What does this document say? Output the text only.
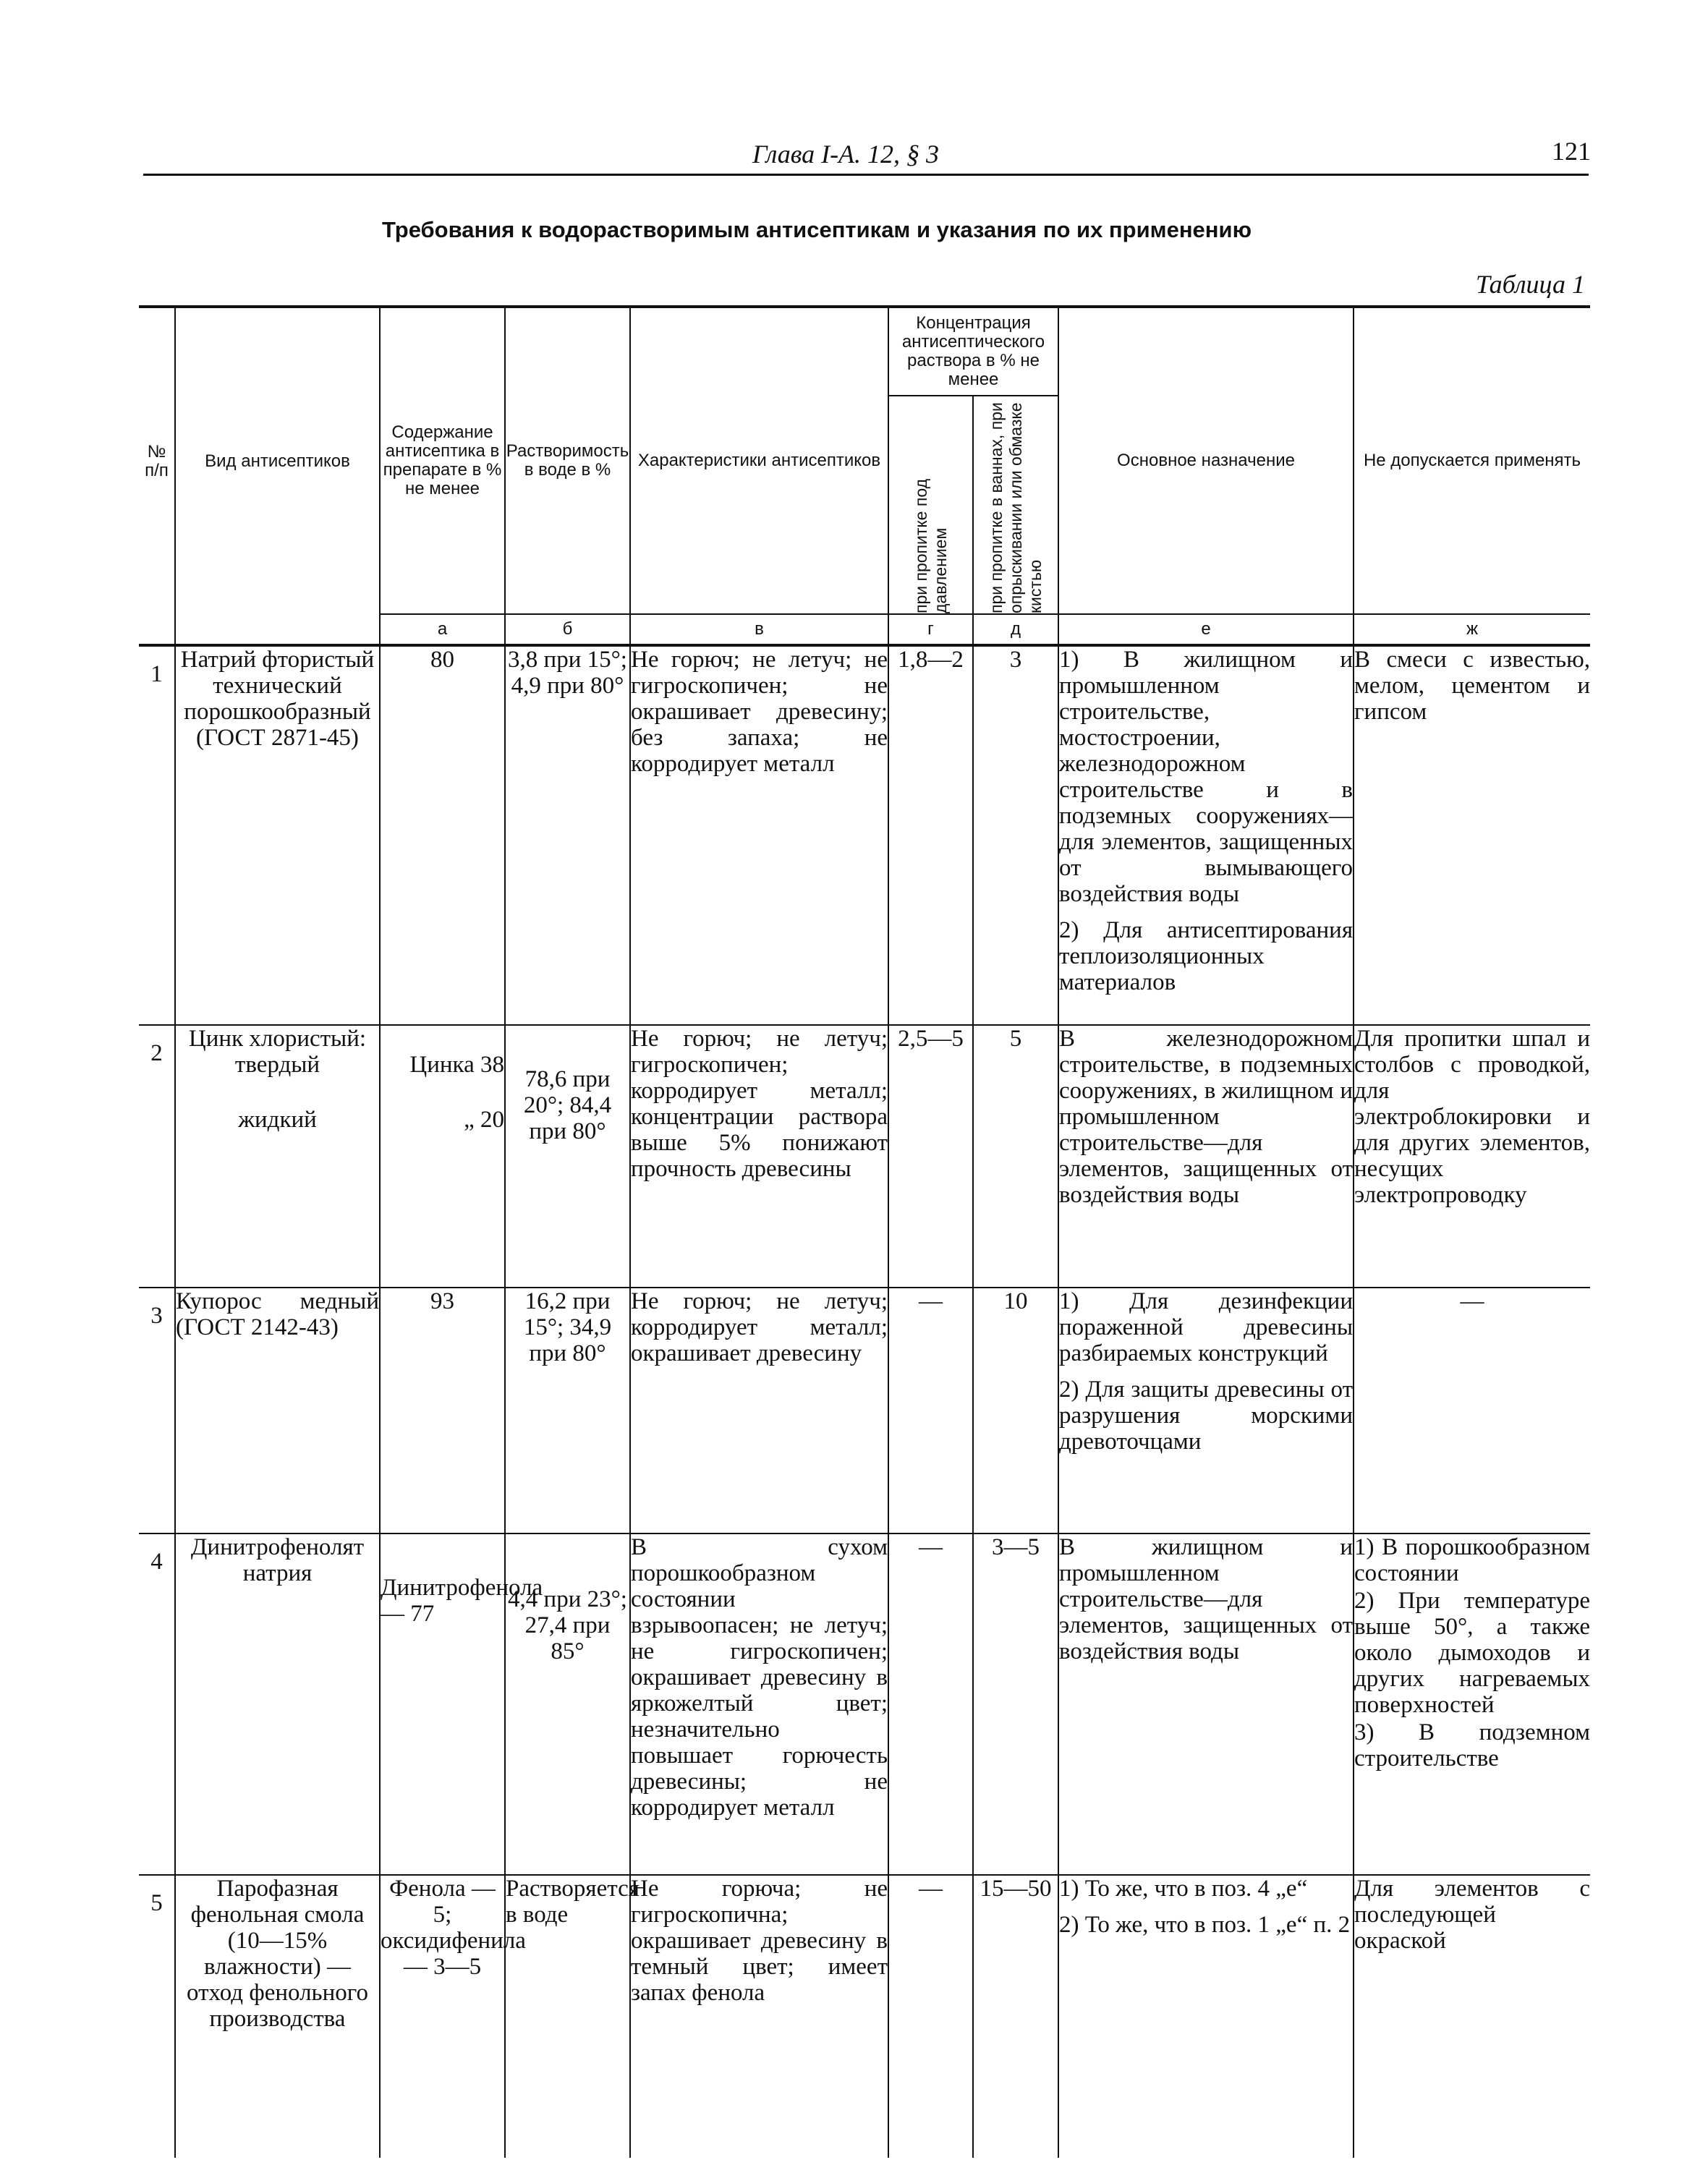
Глава I-A. 12, § 3	121
Требования к водорастворимым антисептикам и указания по их применению
Таблица 1
№ п/п	Вид антисептиков	Содержание антисептика в препарате в % не менее	Растворимость в воде в %	Характеристики антисептиков	Концентрация антисептического раствора в % не менее		Основное назначение	Не допускается применять

					при пропитке под давлением	при пропитке в ваннах, при опрыскивании или обмазке кистью		

		а	б	в	г	д	е	ж
1	Натрий фтористый технический порошкообразный (ГОСТ 2871-45)	80	3,8 при 15°; 4,9 при 80°	Не горюч; не летуч; не гигроскопичен; не окрашивает древесину; без запаха; не корродирует металл	1,8—2	3	1) В жилищном и промышленном строительстве, мостостроении, железнодорожном строительстве и в подземных сооружениях—для элементов, защищенных от вымывающего воздействия воды

2) Для антисептирования теплоизоляционных материалов	В смеси с известью, мелом, цементом и гипсом
2	Цинк хлористый:
твердый
жидкий	Цинка 38
„ 20	78,6 при 20°; 84,4 при 80°	Не горюч; не летуч; гигроскопичен; корродирует металл; концентрации раствора выше 5% понижают прочность древесины	2,5—5	5	В железнодорожном строительстве, в подземных сооружениях, в жилищном и промышленном строительстве—для элементов, защищенных от воздействия воды	Для пропитки шпал и столбов с проводкой, для электроблокировки и для других элементов, несущих электропроводку
3	Купорос медный (ГОСТ 2142-43)	93	16,2 при 15°; 34,9 при 80°	Не горюч; не летуч; корродирует металл; окрашивает древесину	—	10	1) Для дезинфекции пораженной древесины разбираемых конструкций

2) Для защиты древесины от разрушения морскими древоточцами	—
4	Динитрофенолят натрия	Динитрофенола— 77	4,4 при 23°; 27,4 при 85°	В сухом порошкообразном состоянии взрывоопасен; не летуч; не гигроскопичен; окрашивает древесину в яркожелтый цвет; незначительно повышает горючесть древесины; не корродирует металл	—	3—5	В жилищном и промышленном строительстве—для элементов, защищенных от воздействия воды	1) В порошкообразном состоянии

2) При температуре выше 50°, а также около дымоходов и других нагреваемых поверхностей

3) В подземном строительстве

5	Парофазная фенольная смола (10—15% влажности) — отход фенольного производства	Фенола — 5; оксидифенила— 3—5	Растворяется в воде	Не горюча; не гигроскопична; окрашивает древесину в темный цвет; имеет запах фенола	—	15—50	1) То же, что в поз. 4 „е“

2) То же, что в поз. 1 „е“ п. 2	Для элементов с последующей окраской
